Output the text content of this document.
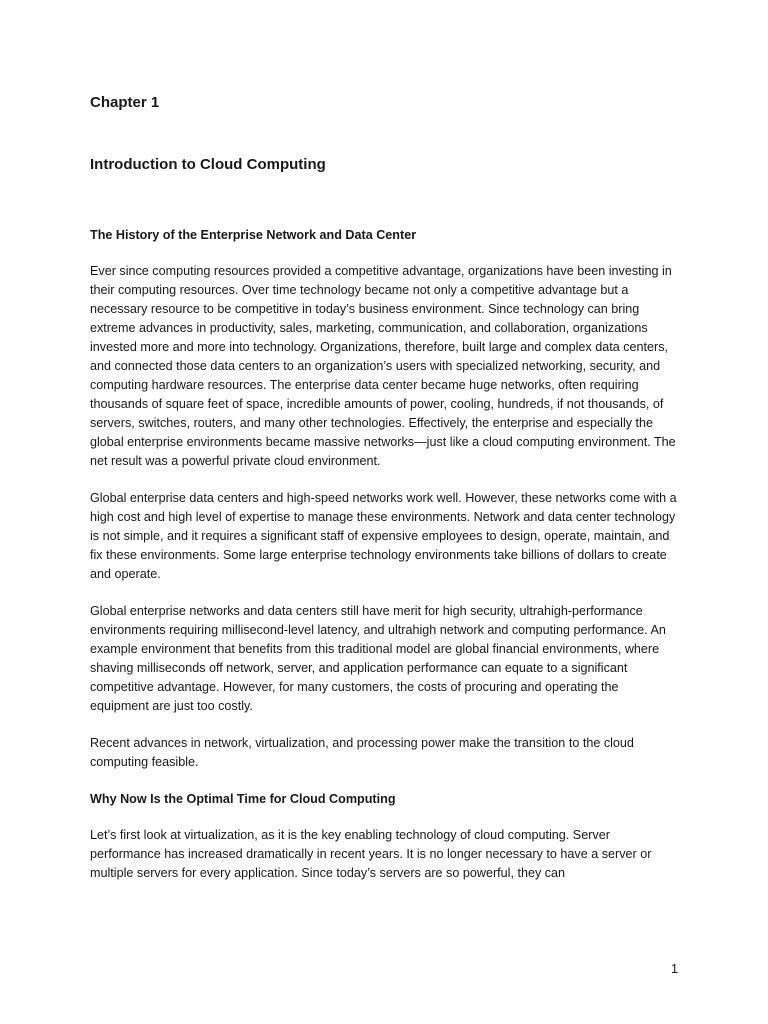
Chapter 1
Introduction to Cloud Computing
The History of the Enterprise Network and Data Center

Ever since computing resources provided a competitive advantage, organizations have been investing in their computing resources. Over time technology became not only a competitive advantage but a necessary resource to be competitive in today’s business environment. Since technology can bring extreme advances in productivity, sales, marketing, communication, and collaboration, organizations invested more and more into technology. Organizations, therefore, built large and complex data centers, and connected those data centers to an organization’s users with specialized networking, security, and computing hardware resources. The enterprise data center became huge networks, often requiring thousands of square feet of space, incredible amounts of power, cooling, hundreds, if not thousands, of servers, switches, routers, and many other technologies. Effectively, the enterprise and especially the global enterprise environments became massive networks—just like a cloud computing environment. The net result was a powerful private cloud environment.

Global enterprise data centers and high-speed networks work well. However, these networks come with a high cost and high level of expertise to manage these environments. Network and data center technology is not simple, and it requires a significant staff of expensive employees to design, operate, maintain, and fix these environments. Some large enterprise technology environments take billions of dollars to create and operate.

Global enterprise networks and data centers still have merit for high security, ultrahigh-performance environments requiring millisecond-level latency, and ultrahigh network and computing performance. An example environment that benefits from this traditional model are global financial environments, where shaving milliseconds off network, server, and application performance can equate to a significant competitive advantage. However, for many customers, the costs of procuring and operating the equipment are just too costly.

Recent advances in network, virtualization, and processing power make the transition to the cloud computing feasible.

Why Now Is the Optimal Time for Cloud Computing

Let’s first look at virtualization, as it is the key enabling technology of cloud computing. Server performance has increased dramatically in recent years. It is no longer necessary to have a server or multiple servers for every application. Since today’s servers are so powerful, they can

1
